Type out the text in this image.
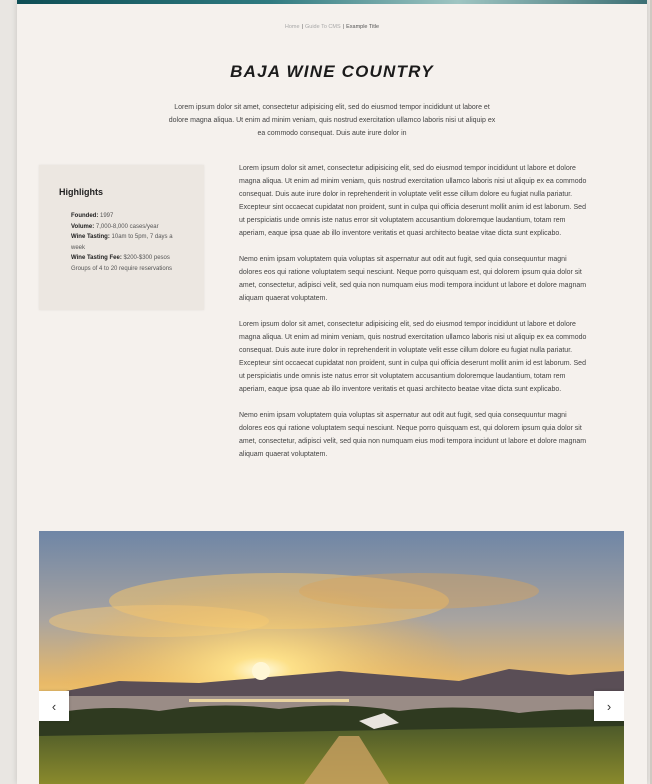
Home | Guide To CMS | Example Title
BAJA WINE COUNTRY

Lorem ipsum dolor sit amet, consectetur adipisicing elit, sed do eiusmod tempor incididunt ut labore et dolore magna aliqua. Ut enim ad minim veniam, quis nostrud exercitation ullamco laboris nisi ut aliquip ex ea commodo consequat. Duis aute irure dolor in

Highlights
Founded: 1997
Volume: 7,000-8,000 cases/year
Wine Tasting: 10am to 5pm, 7 days a week
Wine Tasting Fee: $200-$300 pesos Groups of 4 to 20 require reservations

Lorem ipsum dolor sit amet, consectetur adipisicing elit, sed do eiusmod tempor incididunt ut labore et dolore magna aliqua. Ut enim ad minim veniam, quis nostrud exercitation ullamco laboris nisi ut aliquip ex ea commodo consequat. Duis aute irure dolor in reprehenderit in voluptate velit esse cillum dolore eu fugiat nulla pariatur. Excepteur sint occaecat cupidatat non proident, sunt in culpa qui officia deserunt mollit anim id est laborum. Sed ut perspiciatis unde omnis iste natus error sit voluptatem accusantium doloremque laudantium, totam rem aperiam, eaque ipsa quae ab illo inventore veritatis et quasi architecto beatae vitae dicta sunt explicabo.

Nemo enim ipsam voluptatem quia voluptas sit aspernatur aut odit aut fugit, sed quia consequuntur magni dolores eos qui ratione voluptatem sequi nesciunt. Neque porro quisquam est, qui dolorem ipsum quia dolor sit amet, consectetur, adipisci velit, sed quia non numquam eius modi tempora incidunt ut labore et dolore magnam aliquam quaerat voluptatem.

Lorem ipsum dolor sit amet, consectetur adipisicing elit, sed do eiusmod tempor incididunt ut labore et dolore magna aliqua. Ut enim ad minim veniam, quis nostrud exercitation ullamco laboris nisi ut aliquip ex ea commodo consequat. Duis aute irure dolor in reprehenderit in voluptate velit esse cillum dolore eu fugiat nulla pariatur. Excepteur sint occaecat cupidatat non proident, sunt in culpa qui officia deserunt mollit anim id est laborum. Sed ut perspiciatis unde omnis iste natus error sit voluptatem accusantium doloremque laudantium, totam rem aperiam, eaque ipsa quae ab illo inventore veritatis et quasi architecto beatae vitae dicta sunt explicabo.

Nemo enim ipsam voluptatem quia voluptas sit aspernatur aut odit aut fugit, sed quia consequuntur magni dolores eos qui ratione voluptatem sequi nesciunt. Neque porro quisquam est, qui dolorem ipsum quia dolor sit amet, consectetur, adipisci velit, sed quia non numquam eius modi tempora incidunt ut labore et dolore magnam aliquam quaerat voluptatem.

‹	›
